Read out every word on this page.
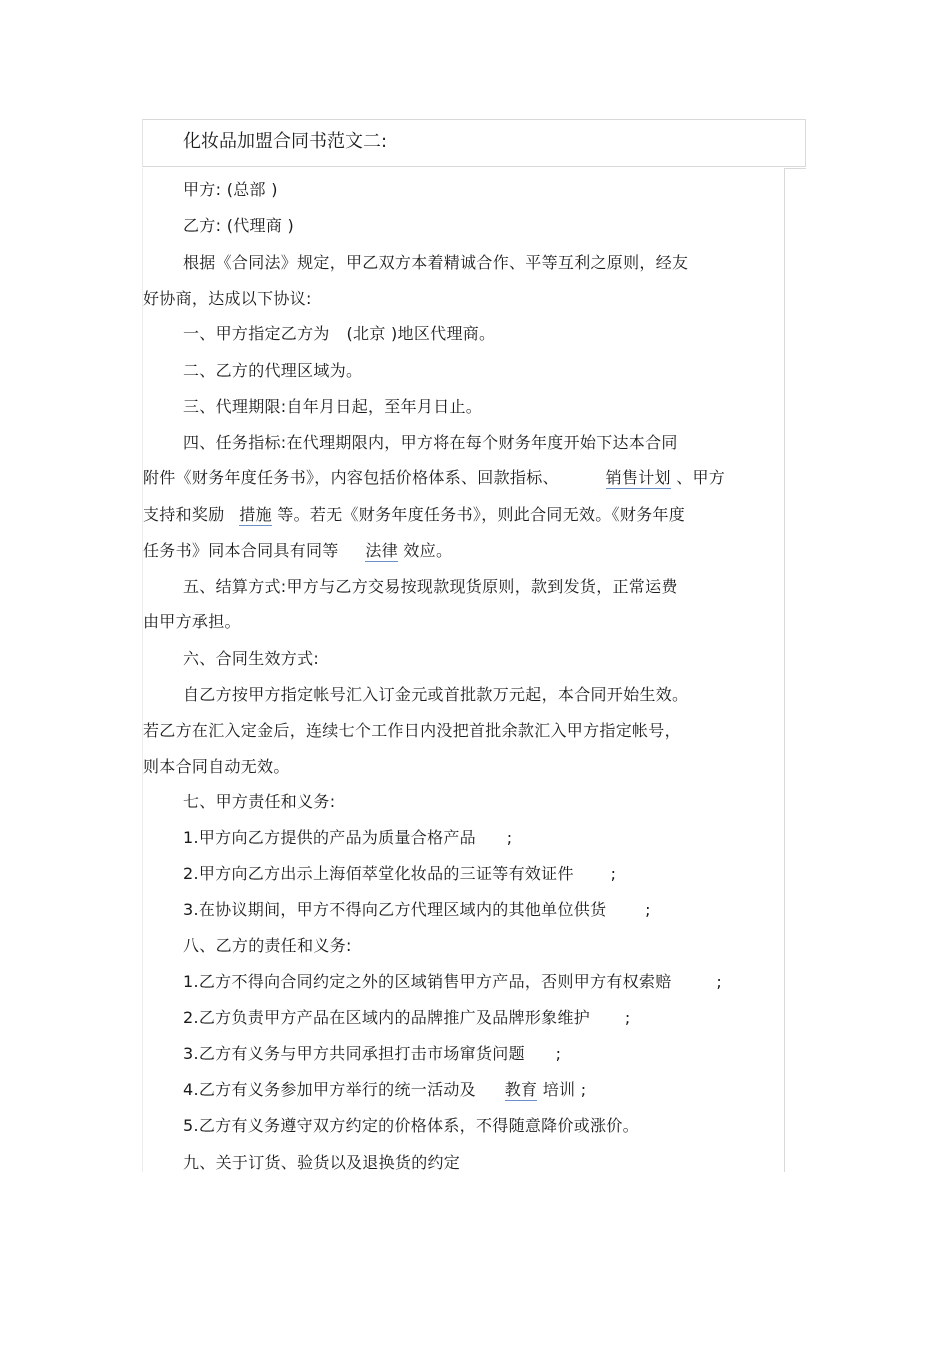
化妆品加盟合同书范文二:
甲方: (总部 )
乙方: (代理商 )
根据《合同法》规定，甲乙双方本着精诚合作、平等互利之原则，经友
好协商，达成以下协议:
一、甲方指定乙方为 (北京 )地区代理商。
二、乙方的代理区域为。
三、代理期限:自年月日起，至年月日止。
四、任务指标:在代理期限内，甲方将在每个财务年度开始下达本合同
附件《财务年度任务书》，内容包括价格体系、回款指标、	销售计划 、甲方
支持和奖励 措施 等。若无《财务年度任务书》，则此合同无效。《财务年度
任务书》同本合同具有同等 法律 效应。
五、结算方式:甲方与乙方交易按现款现货原则，款到发货，正常运费
由甲方承担。
六、合同生效方式:
自乙方按甲方指定帐号汇入订金元或首批款万元起，本合同开始生效。
若乙方在汇入定金后，连续七个工作日内没把首批余款汇入甲方指定帐号，
则本合同自动无效。
七、甲方责任和义务:
1.甲方向乙方提供的产品为质量合格产品 ;
2.甲方向乙方出示上海佰萃堂化妆品的三证等有效证件 ;
3.在协议期间，甲方不得向乙方代理区域内的其他单位供货 ;
八、乙方的责任和义务:
1.乙方不得向合同约定之外的区域销售甲方产品，否则甲方有权索赔	;
2.乙方负责甲方产品在区域内的品牌推广及品牌形象维护 ;
3.乙方有义务与甲方共同承担打击市场窜货问题 ;
4.乙方有义务参加甲方举行的统一活动及 教育 培训 ;
5.乙方有义务遵守双方约定的价格体系，不得随意降价或涨价。
九、关于订货、验货以及退换货的约定
